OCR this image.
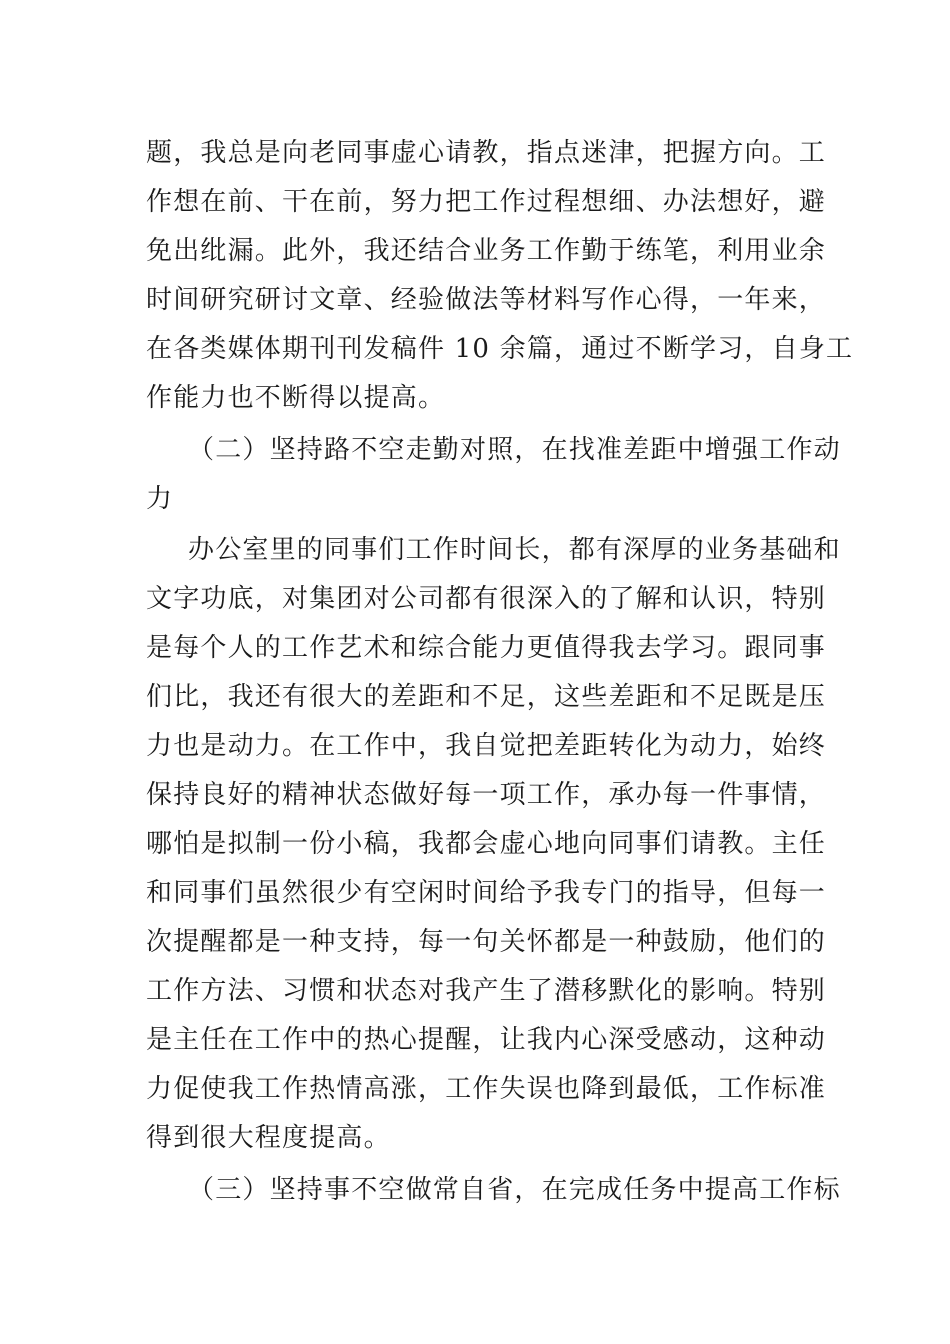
题，我总是向老同事虚心请教，指点迷津，把握方向。工
作想在前、干在前，努力把工作过程想细、办法想好，避
免出纰漏。此外，我还结合业务工作勤于练笔，利用业余
时间研究研讨文章、经验做法等材料写作心得，一年来，
在各类媒体期刊刊发稿件 10 余篇，通过不断学习，自身工
作能力也不断得以提高。
（二）坚持路不空走勤对照，在找准差距中增强工作动
力
办公室里的同事们工作时间长，都有深厚的业务基础和
文字功底，对集团对公司都有很深入的了解和认识，特别
是每个人的工作艺术和综合能力更值得我去学习。跟同事
们比，我还有很大的差距和不足，这些差距和不足既是压
力也是动力。在工作中，我自觉把差距转化为动力，始终
保持良好的精神状态做好每一项工作，承办每一件事情，
哪怕是拟制一份小稿，我都会虚心地向同事们请教。主任
和同事们虽然很少有空闲时间给予我专门的指导，但每一
次提醒都是一种支持，每一句关怀都是一种鼓励，他们的
工作方法、习惯和状态对我产生了潜移默化的影响。特别
是主任在工作中的热心提醒，让我内心深受感动，这种动
力促使我工作热情高涨，工作失误也降到最低，工作标准
得到很大程度提高。
（三）坚持事不空做常自省，在完成任务中提高工作标
